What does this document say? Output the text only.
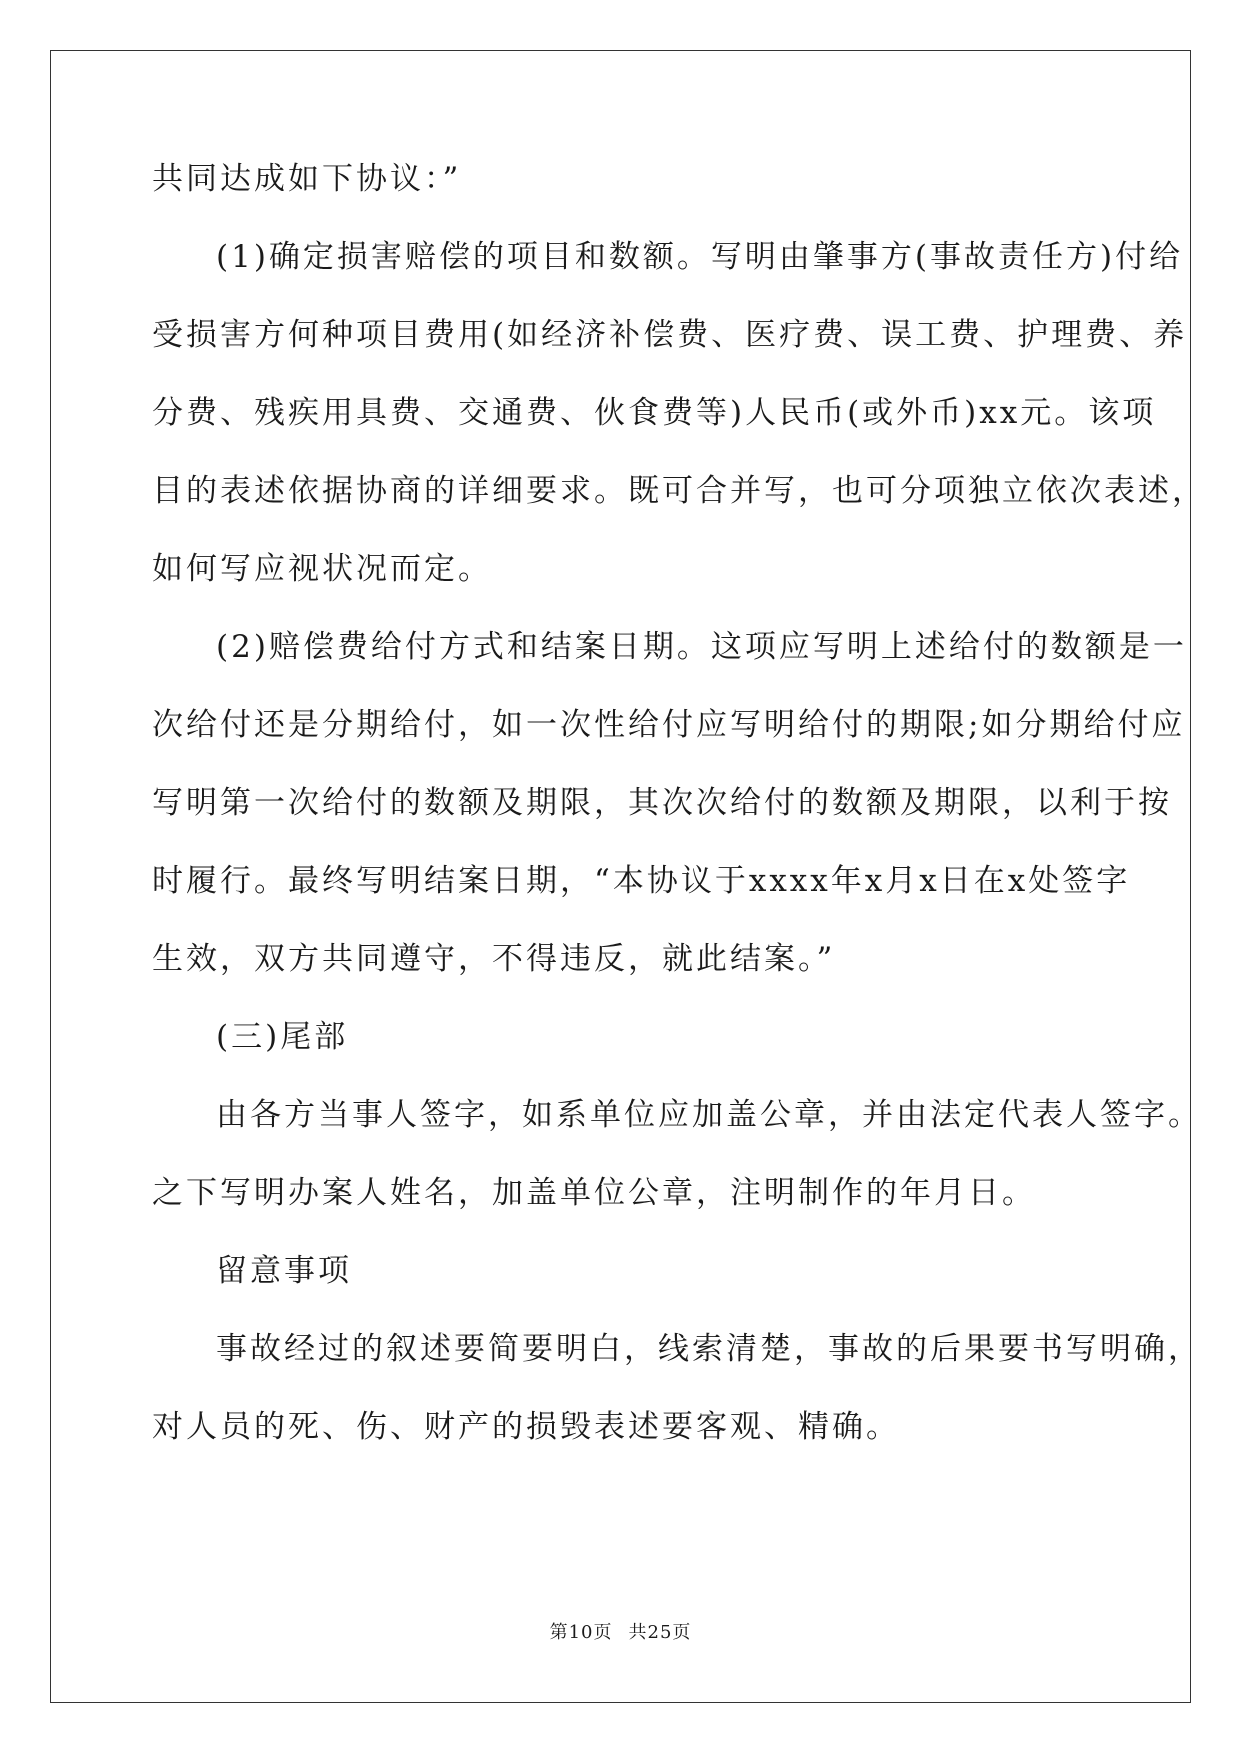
共同达成如下协议：”
(1)确定损害赔偿的项目和数额。写明由肇事方(事故责任方)付给
受损害方何种项目费用(如经济补偿费、医疗费、误工费、护理费、养
分费、残疾用具费、交通费、伙食费等)人民币(或外币)xx元。该项
目的表述依据协商的详细要求。既可合并写，也可分项独立依次表述，
如何写应视状况而定。
(2)赔偿费给付方式和结案日期。这项应写明上述给付的数额是一
次给付还是分期给付，如一次性给付应写明给付的期限;如分期给付应
写明第一次给付的数额及期限，其次次给付的数额及期限，以利于按
时履行。最终写明结案日期，“本协议于xxxx年x月x日在x处签字
生效，双方共同遵守，不得违反，就此结案。”
(三)尾部
由各方当事人签字，如系单位应加盖公章，并由法定代表人签字。
之下写明办案人姓名，加盖单位公章，注明制作的年月日。
留意事项
事故经过的叙述要简要明白，线索清楚，事故的后果要书写明确，
对人员的死、伤、财产的损毁表述要客观、精确。
第10页 共25页
